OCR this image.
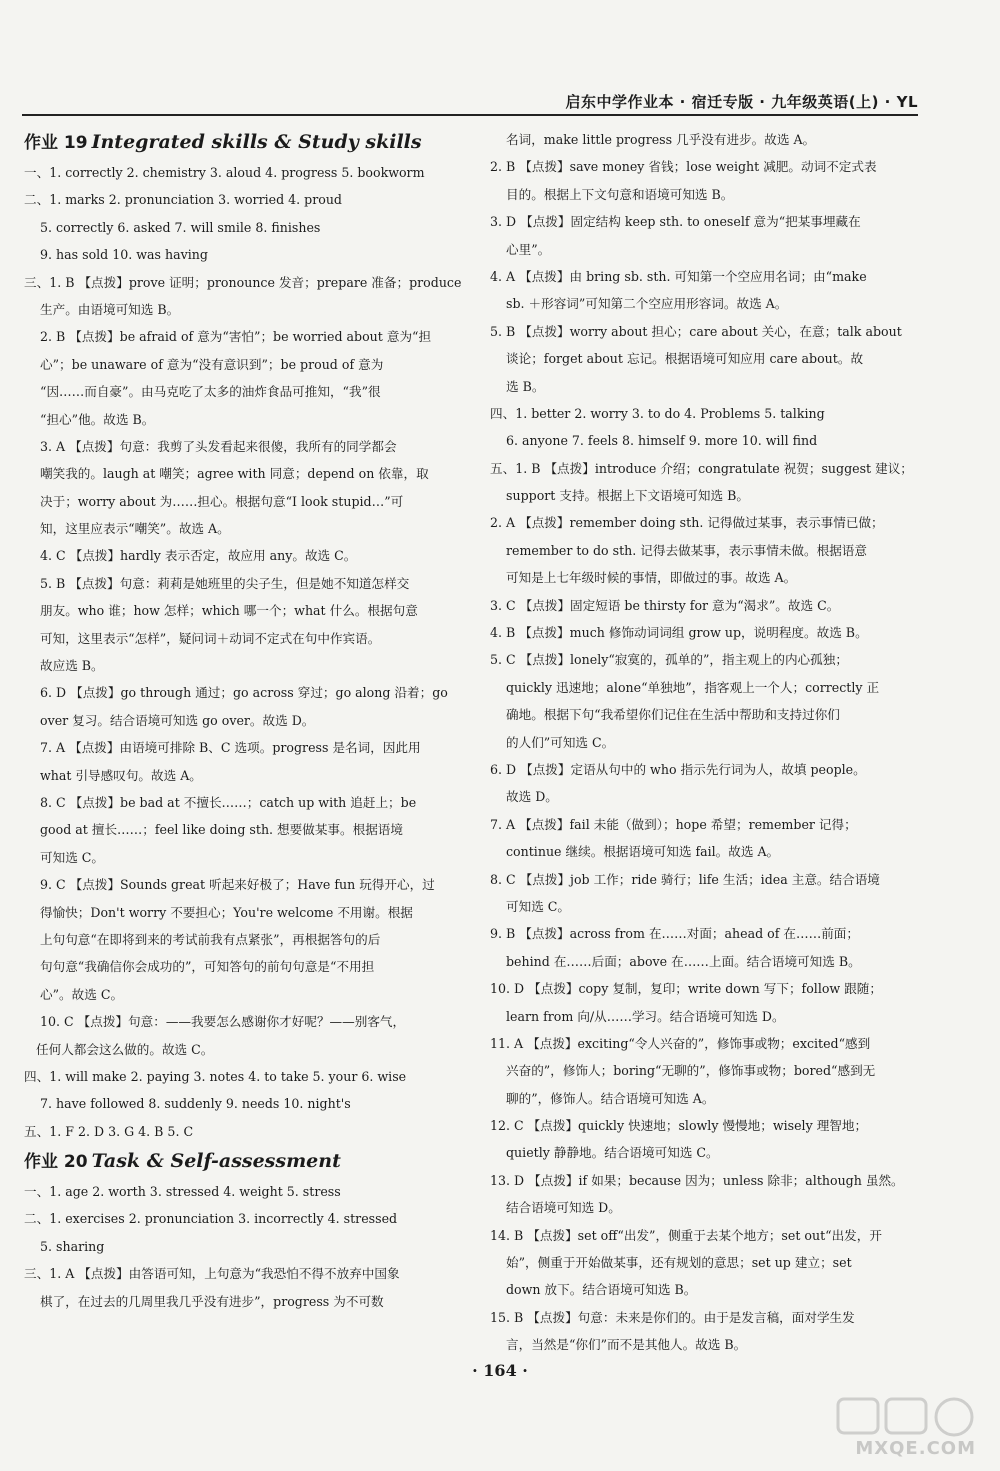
启东中学作业本 · 宿迁专版 · 九年级英语(上) · YL
作业 19 Integrated skills & Study skills
一、1. correctly 2. chemistry 3. aloud 4. progress 5. bookworm
二、1. marks 2. pronunciation 3. worried 4. proud
5. correctly 6. asked 7. will smile 8. finishes
9. has sold 10. was having
三、1. B 【点拨】prove 证明；pronounce 发音；prepare 准备；produce
生产。由语境可知选 B。
2. B 【点拨】be afraid of 意为“害怕”；be worried about 意为“担
心”；be unaware of 意为“没有意识到”；be proud of 意为
“因……而自豪”。由马克吃了太多的油炸食品可推知，“我”很
“担心”他。故选 B。
3. A 【点拨】句意：我剪了头发看起来很傻，我所有的同学都会
嘲笑我的。laugh at 嘲笑；agree with 同意；depend on 依靠，取
决于；worry about 为……担心。根据句意“I look stupid…”可
知，这里应表示“嘲笑”。故选 A。
4. C 【点拨】hardly 表示否定，故应用 any。故选 C。
5. B 【点拨】句意：莉莉是她班里的尖子生，但是她不知道怎样交
朋友。who 谁；how 怎样；which 哪一个；what 什么。根据句意
可知，这里表示“怎样”，疑问词＋动词不定式在句中作宾语。
故应选 B。
6. D 【点拨】go through 通过；go across 穿过；go along 沿着；go
over 复习。结合语境可知选 go over。故选 D。
7. A 【点拨】由语境可排除 B、C 选项。progress 是名词，因此用
what 引导感叹句。故选 A。
8. C 【点拨】be bad at 不擅长……；catch up with 追赶上；be
good at 擅长……；feel like doing sth. 想要做某事。根据语境
可知选 C。
9. C 【点拨】Sounds great 听起来好极了；Have fun 玩得开心，过
得愉快；Don't worry 不要担心；You're welcome 不用谢。根据
上句句意“在即将到来的考试前我有点紧张”，再根据答句的后
句句意“我确信你会成功的”，可知答句的前句句意是“不用担
心”。故选 C。
10. C 【点拨】句意：——我要怎么感谢你才好呢？——别客气，
任何人都会这么做的。故选 C。
四、1. will make 2. paying 3. notes 4. to take 5. your 6. wise
7. have followed 8. suddenly 9. needs 10. night's
五、1. F 2. D 3. G 4. B 5. C
作业 20 Task & Self-assessment
一、1. age 2. worth 3. stressed 4. weight 5. stress
二、1. exercises 2. pronunciation 3. incorrectly 4. stressed
5. sharing
三、1. A 【点拨】由答语可知，上句意为“我恐怕不得不放弃中国象
棋了，在过去的几周里我几乎没有进步”，progress 为不可数
名词，make little progress 几乎没有进步。故选 A。
2. B 【点拨】save money 省钱；lose weight 减肥。动词不定式表
目的。根据上下文句意和语境可知选 B。
3. D 【点拨】固定结构 keep sth. to oneself 意为“把某事埋藏在
心里”。
4. A 【点拨】由 bring sb. sth. 可知第一个空应用名词；由“make
sb. ＋形容词”可知第二个空应用形容词。故选 A。
5. B 【点拨】worry about 担心；care about 关心，在意；talk about
谈论；forget about 忘记。根据语境可知应用 care about。故
选 B。
四、1. better 2. worry 3. to do 4. Problems 5. talking
6. anyone 7. feels 8. himself 9. more 10. will find
五、1. B 【点拨】introduce 介绍；congratulate 祝贺；suggest 建议；
support 支持。根据上下文语境可知选 B。
2. A 【点拨】remember doing sth. 记得做过某事，表示事情已做；
remember to do sth. 记得去做某事，表示事情未做。根据语意
可知是上七年级时候的事情，即做过的事。故选 A。
3. C 【点拨】固定短语 be thirsty for 意为“渴求”。故选 C。
4. B 【点拨】much 修饰动词词组 grow up，说明程度。故选 B。
5. C 【点拨】lonely“寂寞的，孤单的”，指主观上的内心孤独；
quickly 迅速地；alone“单独地”，指客观上一个人；correctly 正
确地。根据下句“我希望你们记住在生活中帮助和支持过你们
的人们”可知选 C。
6. D 【点拨】定语从句中的 who 指示先行词为人，故填 people。
故选 D。
7. A 【点拨】fail 未能（做到）；hope 希望；remember 记得；
continue 继续。根据语境可知选 fail。故选 A。
8. C 【点拨】job 工作；ride 骑行；life 生活；idea 主意。结合语境
可知选 C。
9. B 【点拨】across from 在……对面；ahead of 在……前面；
behind 在……后面；above 在……上面。结合语境可知选 B。
10. D 【点拨】copy 复制，复印；write down 写下；follow 跟随；
learn from 向/从……学习。结合语境可知选 D。
11. A 【点拨】exciting“令人兴奋的”，修饰事或物；excited“感到
兴奋的”，修饰人；boring“无聊的”，修饰事或物；bored“感到无
聊的”，修饰人。结合语境可知选 A。
12. C 【点拨】quickly 快速地；slowly 慢慢地；wisely 理智地；
quietly 静静地。结合语境可知选 C。
13. D 【点拨】if 如果；because 因为；unless 除非；although 虽然。
结合语境可知选 D。
14. B 【点拨】set off“出发”，侧重于去某个地方；set out“出发，开
始”，侧重于开始做某事，还有规划的意思；set up 建立；set
down 放下。结合语境可知选 B。
15. B 【点拨】句意：未来是你们的。由于是发言稿，面对学生发
言，当然是“你们”而不是其他人。故选 B。
· 164 ·
MXQE.COM
